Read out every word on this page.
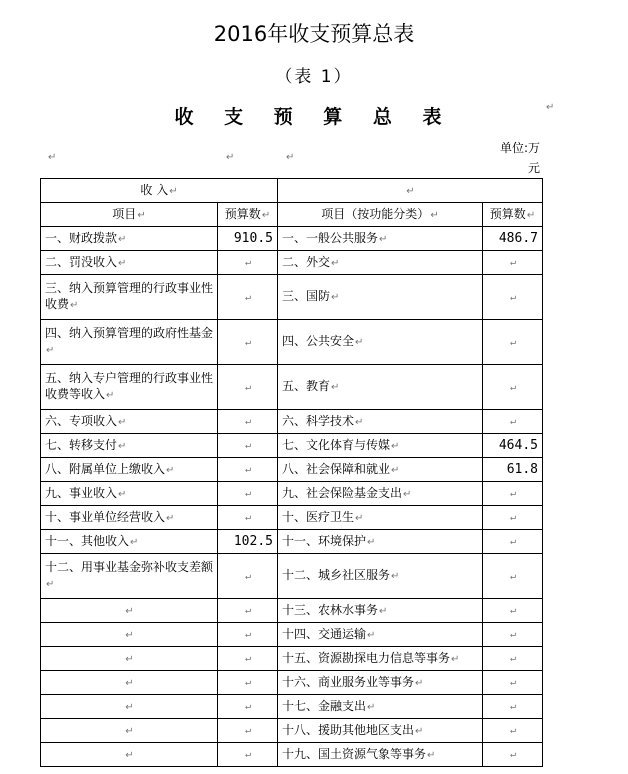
2016年收支预算总表
（表 1）
收 支 预 算 总 表
单位:万元
↵	↵	↵
↵
收 入↵		↵	
项目↵	预算数↵	项目（按功能分类）↵	预算数↵
一、财政拨款↵	910.5	一、一般公共服务↵	486.7
二、罚没收入↵	↵	二、外交↵	↵
三、纳入预算管理的行政事业性收费↵	↵	三、国防↵	↵
四、纳入预算管理的政府性基金↵	↵	四、公共安全↵	↵
五、纳入专户管理的行政事业性收费等收入↵	↵	五、教育↵	↵
六、专项收入↵	↵	六、科学技术↵	↵
七、转移支付↵	↵	七、文化体育与传媒↵	464.5
八、附属单位上缴收入↵	↵	八、社会保障和就业↵	61.8
九、事业收入↵	↵	九、社会保险基金支出↵	↵
十、事业单位经营收入↵	↵	十、医疗卫生↵	↵
十一、其他收入↵	102.5	十一、环境保护↵	↵
十二、用事业基金弥补收支差额↵	↵	十二、城乡社区服务↵	↵
↵	↵	十三、农林水事务↵	↵
↵	↵	十四、交通运输↵	↵
↵	↵	十五、资源勘探电力信息等事务↵	↵
↵	↵	十六、商业服务业等事务↵	↵
↵	↵	十七、金融支出↵	↵
↵	↵	十八、援助其他地区支出↵	↵
↵	↵	十九、国土资源气象等事务↵	↵
